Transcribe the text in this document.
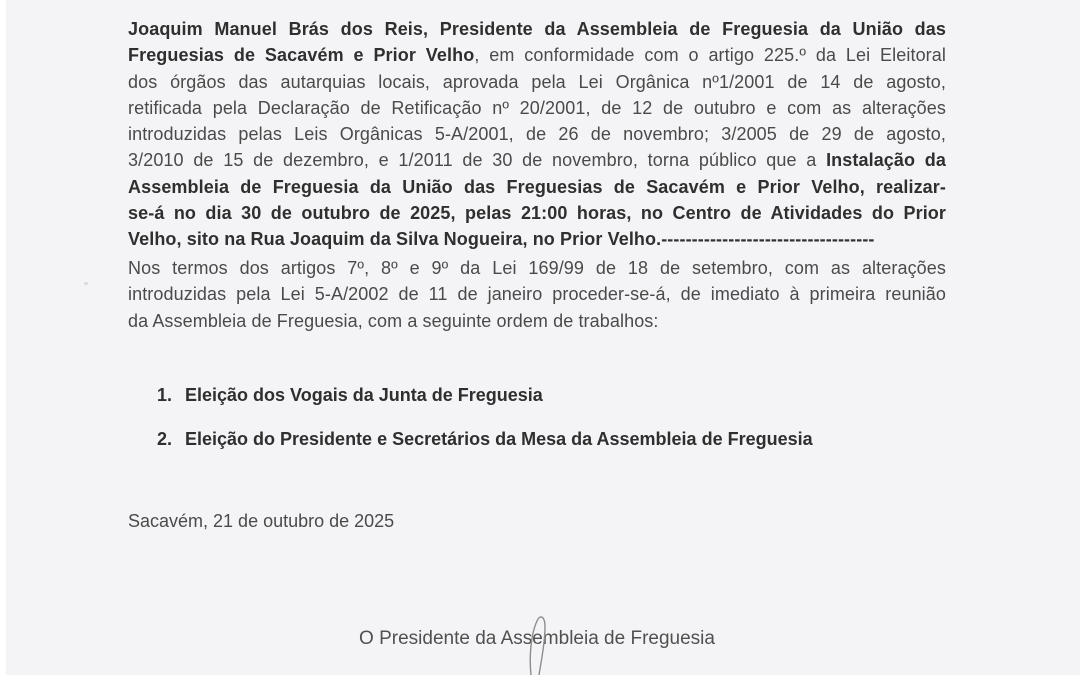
Joaquim Manuel Brás dos Reis, Presidente da Assembleia de Freguesia da União das
Freguesias de Sacavém e Prior Velho, em conformidade com o artigo 225.º da Lei Eleitoral
dos órgãos das autarquias locais, aprovada pela Lei Orgânica nº1/2001 de 14 de agosto,
retificada pela Declaração de Retificação nº 20/2001, de 12 de outubro e com as alterações
introduzidas pelas Leis Orgânicas 5-A/2001, de 26 de novembro; 3/2005 de 29 de agosto,
3/2010 de 15 de dezembro, e 1/2011 de 30 de novembro, torna público que a Instalação da
Assembleia de Freguesia da União das Freguesias de Sacavém e Prior Velho, realizar-
se-á no dia 30 de outubro de 2025, pelas 21:00 horas, no Centro de Atividades do Prior
Velho, sito na Rua Joaquim da Silva Nogueira, no Prior Velho.-----------------------------------
Nos termos dos artigos 7º, 8º e 9º da Lei 169/99 de 18 de setembro, com as alterações
introduzidas pela Lei 5-A/2002 de 11 de janeiro proceder-se-á, de imediato à primeira reunião
da Assembleia de Freguesia, com a seguinte ordem de trabalhos:
1. Eleição dos Vogais da Junta de Freguesia
2. Eleição do Presidente e Secretários da Mesa da Assembleia de Freguesia
Sacavém, 21 de outubro de 2025
O Presidente da Assembleia de Freguesia
